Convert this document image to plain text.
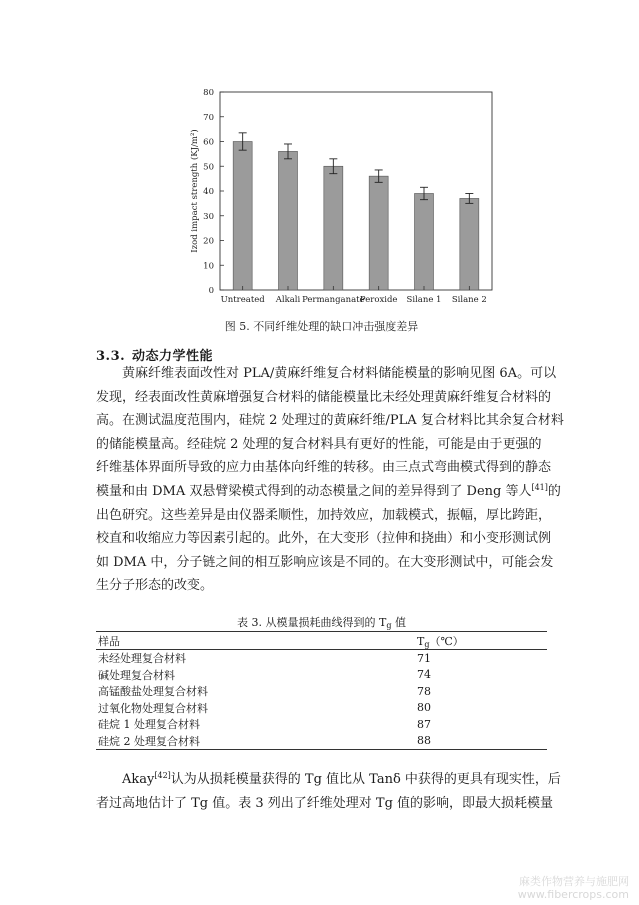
0
10
20
30
40
50
60
70
80
Izod impact strength (KJ/m²)
Untreated Alkali Permanganate
Peroxide Silane 1 Silane 2
图 5. 不同纤维处理的缺口冲击强度差异
3.3. 动态力学性能
黄麻纤维表面改性对 PLA/黄麻纤维复合材料储能模量的影响见图 6A。可以
发现，经表面改性黄麻增强复合材料的储能模量比未经处理黄麻纤维复合材料的
高。在测试温度范围内，硅烷 2 处理过的黄麻纤维/PLA 复合材料比其余复合材料
的储能模量高。经硅烷 2 处理的复合材料具有更好的性能，可能是由于更强的
纤维基体界面所导致的应力由基体向纤维的转移。由三点式弯曲模式得到的静态
模量和由 DMA 双悬臂梁模式得到的动态模量之间的差异得到了 Deng 等人[41]的
出色研究。这些差异是由仪器柔顺性，加持效应，加载模式，振幅，厚比跨距，
校直和收缩应力等因素引起的。此外，在大变形（拉伸和挠曲）和小变形测试例
如 DMA 中，分子链之间的相互影响应该是不同的。在大变形测试中，可能会发
生分子形态的改变。
表 3. 从模量损耗曲线得到的 $T_g$ 值
样品	$T_g(℃)$
未经处理复合材料	71
碱处理复合材料	74
高锰酸盐处理复合材料	78
过氧化物处理复合材料	80
硅烷 1 处理复合材料	87
硅烷 2 处理复合材料	88
Akay[42]认为从损耗模量获得的 Tg 值比从 Tanδ 中获得的更具有现实性，后
者过高地估计了 Tg 值。表 3 列出了纤维处理对 Tg 值的影响，即最大损耗模量
麻类作物营养与施肥网
www.fibercrops.com
